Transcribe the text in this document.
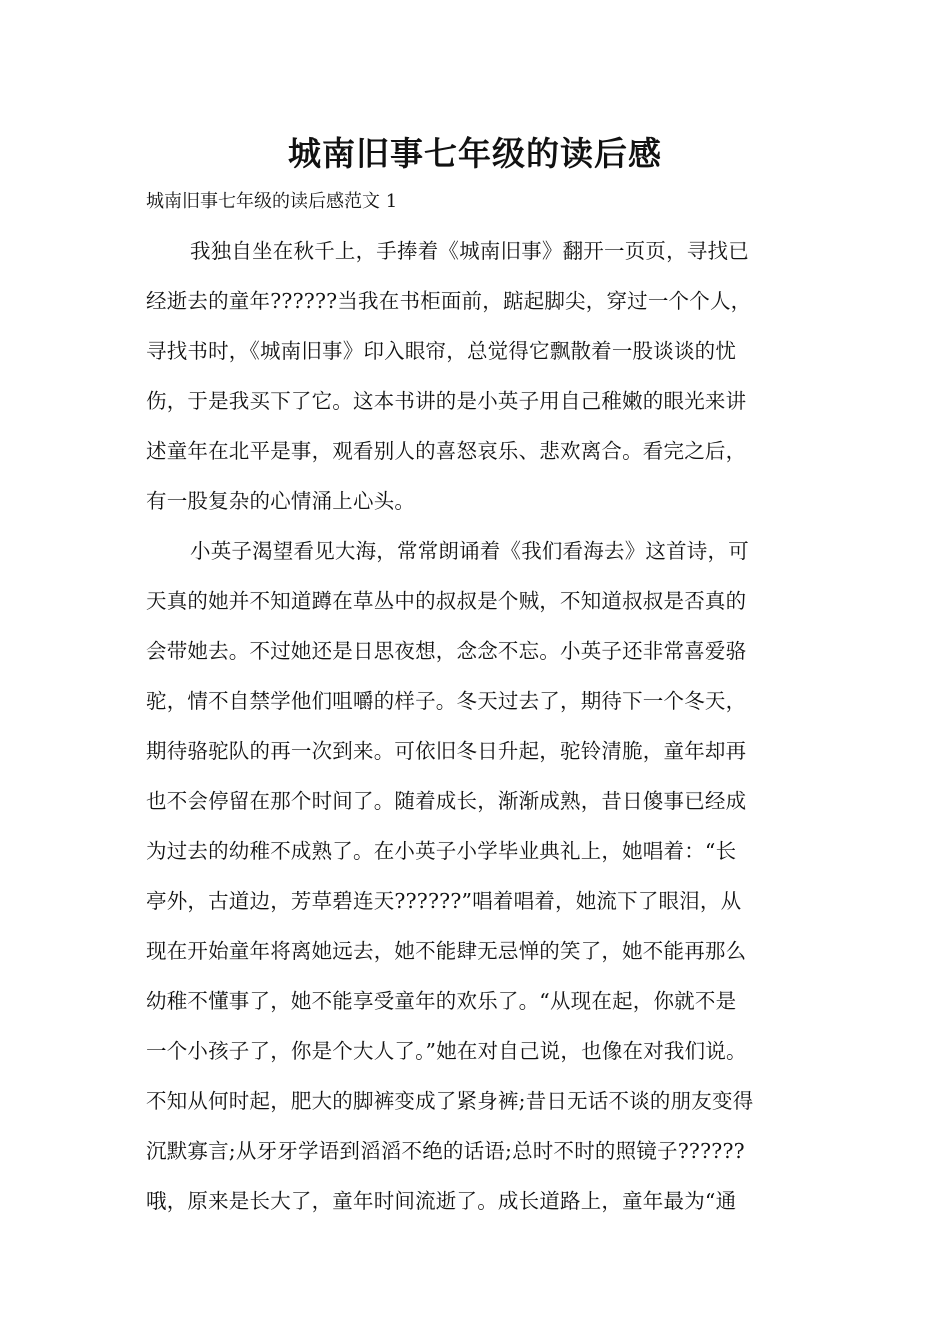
城南旧事七年级的读后感

城南旧事七年级的读后感范文 1

我独自坐在秋千上，手捧着《城南旧事》翻开一页页，寻找已
经逝去的童年??????当我在书柜面前，踮起脚尖，穿过一个个人，
寻找书时，《城南旧事》印入眼帘，总觉得它飘散着一股谈谈的忧
伤，于是我买下了它。这本书讲的是小英子用自己稚嫩的眼光来讲
述童年在北平是事，观看别人的喜怒哀乐、悲欢离合。看完之后，
有一股复杂的心情涌上心头。
小英子渴望看见大海，常常朗诵着《我们看海去》这首诗，可
天真的她并不知道蹲在草丛中的叔叔是个贼，不知道叔叔是否真的
会带她去。不过她还是日思夜想，念念不忘。小英子还非常喜爱骆
驼，情不自禁学他们咀嚼的样子。冬天过去了，期待下一个冬天，
期待骆驼队的再一次到来。可依旧冬日升起，驼铃清脆，童年却再
也不会停留在那个时间了。随着成长，渐渐成熟，昔日傻事已经成
为过去的幼稚不成熟了。在小英子小学毕业典礼上，她唱着：“长
亭外，古道边，芳草碧连天??????”唱着唱着，她流下了眼泪，从
现在开始童年将离她远去，她不能肆无忌惮的笑了，她不能再那么
幼稚不懂事了，她不能享受童年的欢乐了。“从现在起，你就不是
一个小孩子了，你是个大人了。”她在对自己说，也像在对我们说。
不知从何时起，肥大的脚裤变成了紧身裤;昔日无话不谈的朋友变得
沉默寡言;从牙牙学语到滔滔不绝的话语;总时不时的照镜子??????
哦，原来是长大了，童年时间流逝了。成长道路上，童年最为“通
